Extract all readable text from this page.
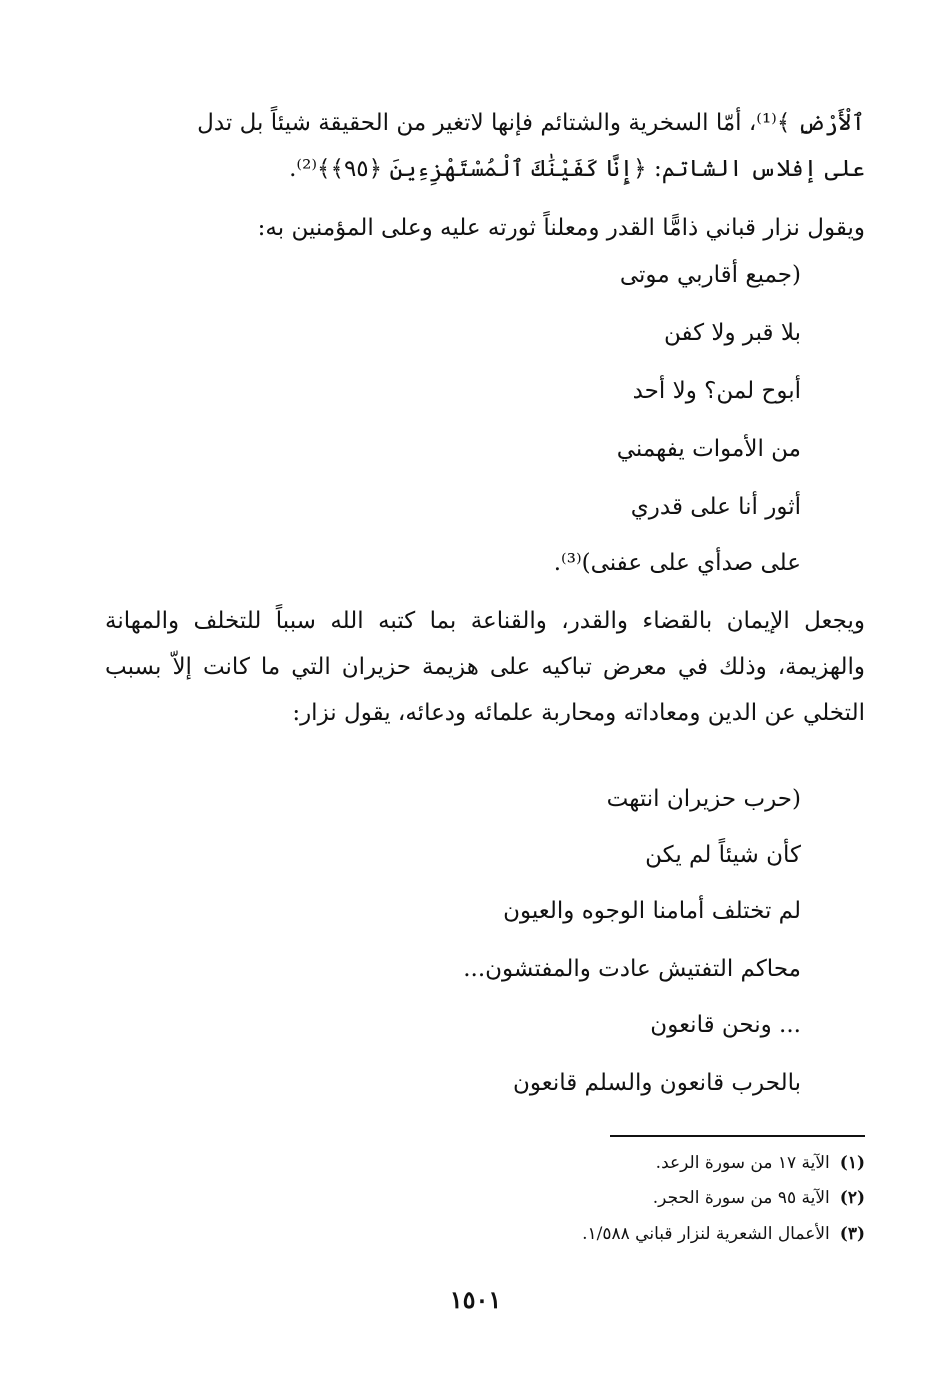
ٱلْأَرْضِ ﴾⁽¹⁾، أمّا السخرية والشتائم فإنها لاتغير من الحقيقة شيئاً بل تدل
على إفلاس الشاتم: ﴿إِنَّا كَفَيْنَٰكَ ٱلْمُسْتَهْزِءِينَ ﴿٩٥﴾﴾⁽²⁾.
ويقول نزار قباني ذامًّا القدر ومعلناً ثورته عليه وعلى المؤمنين به:
(جميع أقاربي موتى
بلا قبر ولا كفن
أبوح لمن؟ ولا أحد
من الأموات يفهمني
أثور أنا على قدري
على صدأي على عفنى)⁽³⁾.
ويجعل الإيمان بالقضاء والقدر، والقناعة بما كتبه الله سبباً للتخلف والمهانة والهزيمة، وذلك في معرض تباكيه على هزيمة حزيران التي ما كانت إلاّ بسبب التخلي عن الدين ومعاداته ومحاربة علمائه ودعائه، يقول نزار:
(حرب حزيران انتهت
كأن شيئاً لم يكن
لم تختلف أمامنا الوجوه والعيون
محاكم التفتيش عادت والمفتشون...
... ونحن قانعون
بالحرب قانعون والسلم قانعون
(١)الآية ١٧ من سورة الرعد.
(٢)الآية ٩٥ من سورة الحجر.
(٣)الأعمال الشعرية لنزار قباني ١/٥٨٨.
١٥٠١
